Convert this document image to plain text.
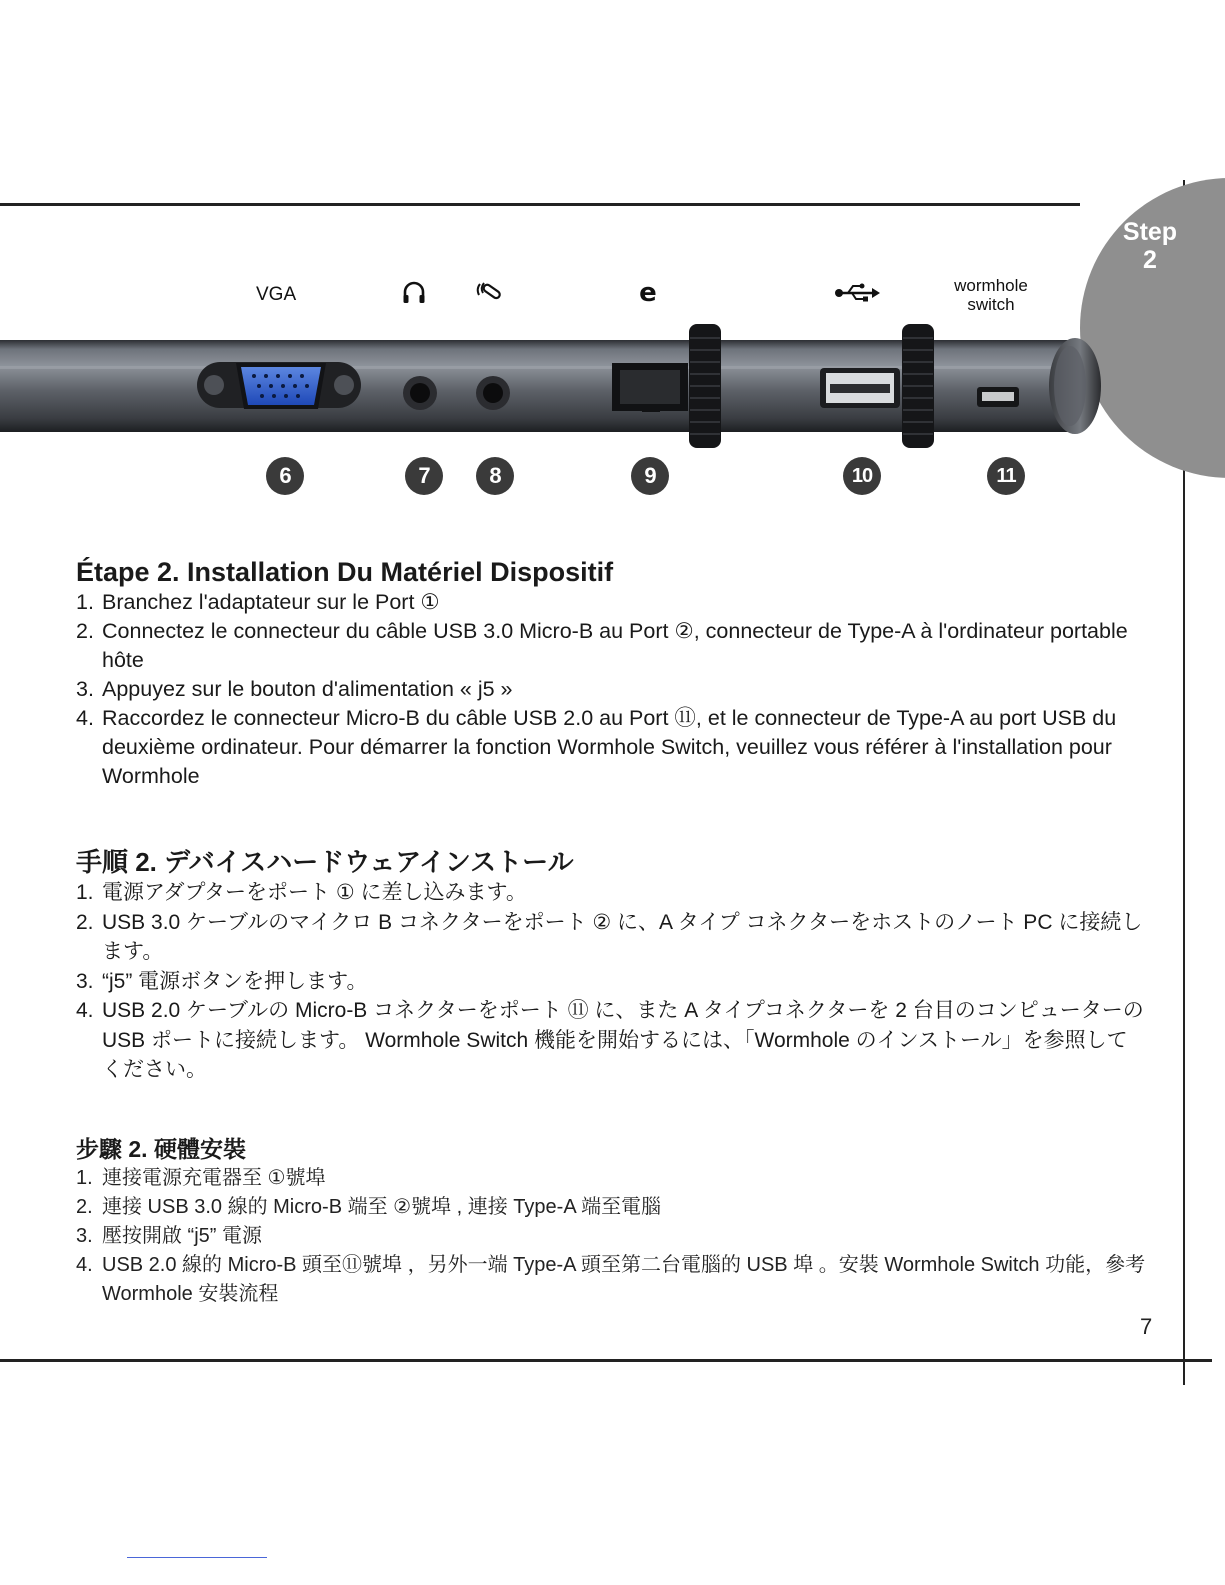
Step
2
VGA	wormhole
switch
e
6	7	8	9	10	11
Étape 2. Installation Du Matériel Dispositif
1. Branchez l'adaptateur sur le Port ①
2. Connectez le connecteur du câble USB 3.0 Micro-B au Port ②, connecteur de Type-A à l'ordinateur portable hôte
3. Appuyez sur le bouton d'alimentation « j5 »
4. Raccordez le connecteur Micro-B du câble USB 2.0 au Port ⑪, et le connecteur de Type-A au port USB du deuxième ordinateur. Pour démarrer la fonction Wormhole Switch, veuillez vous référer à l'installation pour Wormhole
手順 2. デバイスハードウェアインストール
1. 電源アダプターをポート ① に差し込みます。
2. USB 3.0 ケーブルのマイクロ B コネクターをポート ② に、A タイプ コネクターをホストのノート PC に接続します。
3. “j5” 電源ボタンを押します。
4. USB 2.0 ケーブルの Micro-B コネクターをポート ⑪ に、また A タイプコネクターを 2 台目のコンピューターの USB ポートに接続します。 Wormhole Switch 機能を開始するには、「Wormhole のインストール」を参照してください。
步驟 2. 硬體安裝
1. 連接電源充電器至 ①號埠
2. 連接 USB 3.0 線的 Micro-B 端至 ②號埠 , 連接 Type-A 端至電腦
3. 壓按開啟 “j5” 電源
4. USB 2.0 線的 Micro-B 頭至⑪號埠 ，另外一端 Type-A 頭至第二台電腦的 USB 埠 。安裝 Wormhole Switch 功能，參考 Wormhole 安裝流程
7
